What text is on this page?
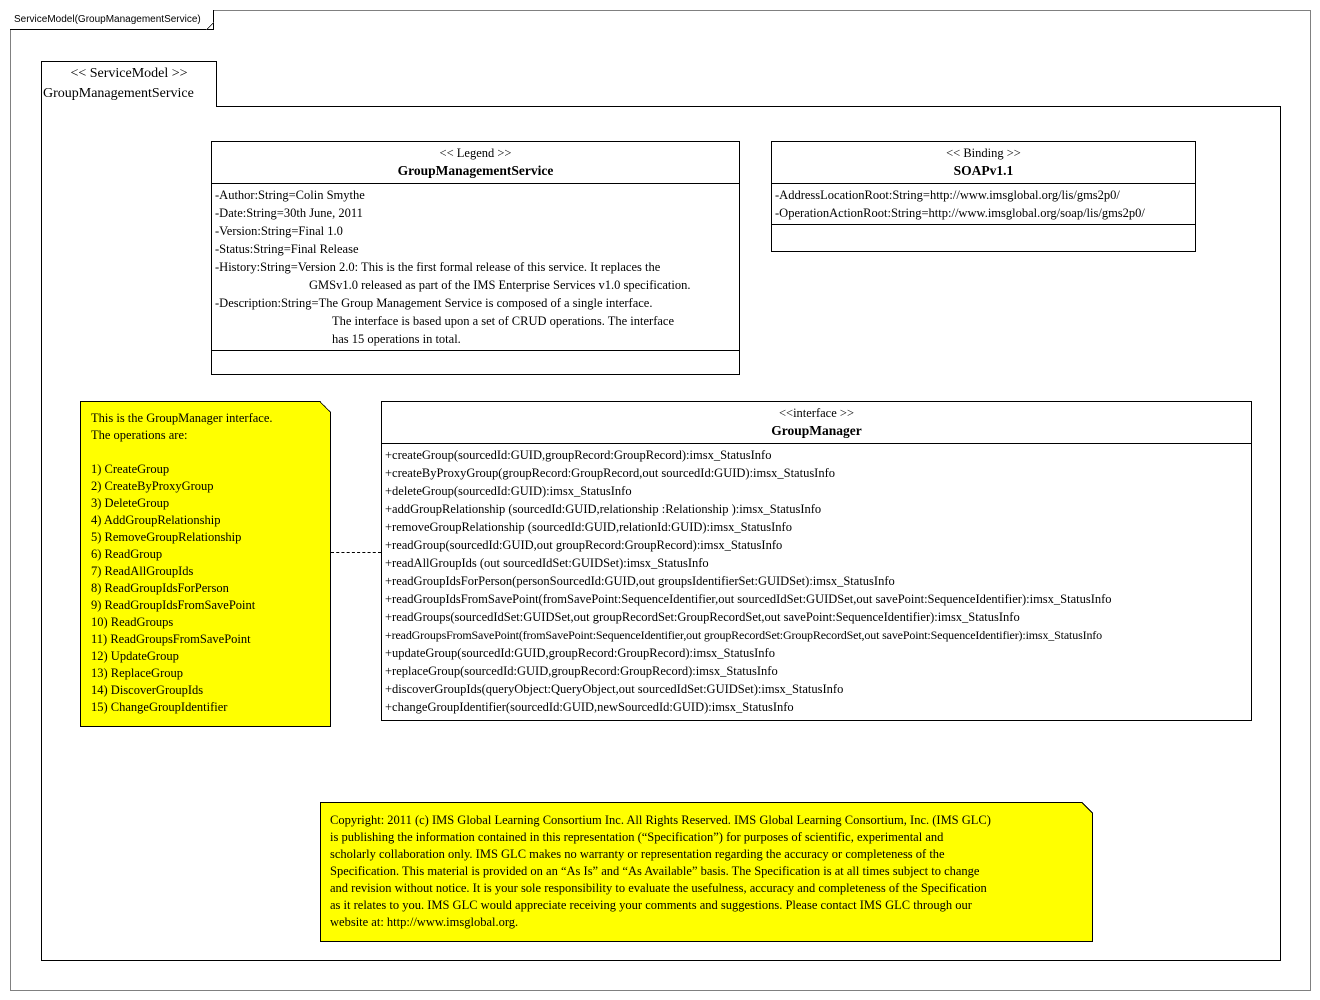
ServiceModel(GroupManagementService)
<< ServiceModel >>
GroupManagementService
<< Legend >>
GroupManagementService
-Author:String=Colin Smythe
-Date:String=30th June, 2011
-Version:String=Final 1.0
-Status:String=Final Release
-History:String=Version 2.0: This is the first formal release of this service. It replaces the
GMSv1.0 released as part of the IMS Enterprise Services v1.0 specification.
-Description:String=The Group Management Service is composed of a single interface.
The interface is based upon a set of CRUD operations. The interface
has 15 operations in total.
<< Binding >>
SOAPv1.1
-AddressLocationRoot:String=http://www.imsglobal.org/lis/gms2p0/
-OperationActionRoot:String=http://www.imsglobal.org/soap/lis/gms2p0/
This is the GroupManager interface.
The operations are:
1) CreateGroup
2) CreateByProxyGroup
3) DeleteGroup
4) AddGroupRelationship
5) RemoveGroupRelationship
6) ReadGroup
7) ReadAllGroupIds
8) ReadGroupIdsForPerson
9) ReadGroupIdsFromSavePoint
10) ReadGroups
11) ReadGroupsFromSavePoint
12) UpdateGroup
13) ReplaceGroup
14) DiscoverGroupIds
15) ChangeGroupIdentifier
<<interface >>
GroupManager
+createGroup(sourcedId:GUID,groupRecord:GroupRecord):imsx_StatusInfo
+createByProxyGroup(groupRecord:GroupRecord,out sourcedId:GUID):imsx_StatusInfo
+deleteGroup(sourcedId:GUID):imsx_StatusInfo
+addGroupRelationship (sourcedId:GUID,relationship :Relationship ):imsx_StatusInfo
+removeGroupRelationship (sourcedId:GUID,relationId:GUID):imsx_StatusInfo
+readGroup(sourcedId:GUID,out groupRecord:GroupRecord):imsx_StatusInfo
+readAllGroupIds (out sourcedIdSet:GUIDSet):imsx_StatusInfo
+readGroupIdsForPerson(personSourcedId:GUID,out groupsIdentifierSet:GUIDSet):imsx_StatusInfo
+readGroupIdsFromSavePoint(fromSavePoint:SequenceIdentifier,out sourcedIdSet:GUIDSet,out savePoint:SequenceIdentifier):imsx_StatusInfo
+readGroups(sourcedIdSet:GUIDSet,out groupRecordSet:GroupRecordSet,out savePoint:SequenceIdentifier):imsx_StatusInfo
+readGroupsFromSavePoint(fromSavePoint:SequenceIdentifier,out groupRecordSet:GroupRecordSet,out savePoint:SequenceIdentifier):imsx_StatusInfo
+updateGroup(sourcedId:GUID,groupRecord:GroupRecord):imsx_StatusInfo
+replaceGroup(sourcedId:GUID,groupRecord:GroupRecord):imsx_StatusInfo
+discoverGroupIds(queryObject:QueryObject,out sourcedIdSet:GUIDSet):imsx_StatusInfo
+changeGroupIdentifier(sourcedId:GUID,newSourcedId:GUID):imsx_StatusInfo
Copyright: 2011 (c) IMS Global Learning Consortium Inc. All Rights Reserved. IMS Global Learning Consortium, Inc. (IMS GLC)
is publishing the information contained in this representation (“Specification”) for purposes of scientific, experimental and
scholarly collaboration only. IMS GLC makes no warranty or representation regarding the accuracy or completeness of the
Specification. This material is provided on an “As Is” and “As Available” basis. The Specification is at all times subject to change
and revision without notice. It is your sole responsibility to evaluate the usefulness, accuracy and completeness of the Specification
as it relates to you. IMS GLC would appreciate receiving your comments and suggestions. Please contact IMS GLC through our
website at: http://www.imsglobal.org.
